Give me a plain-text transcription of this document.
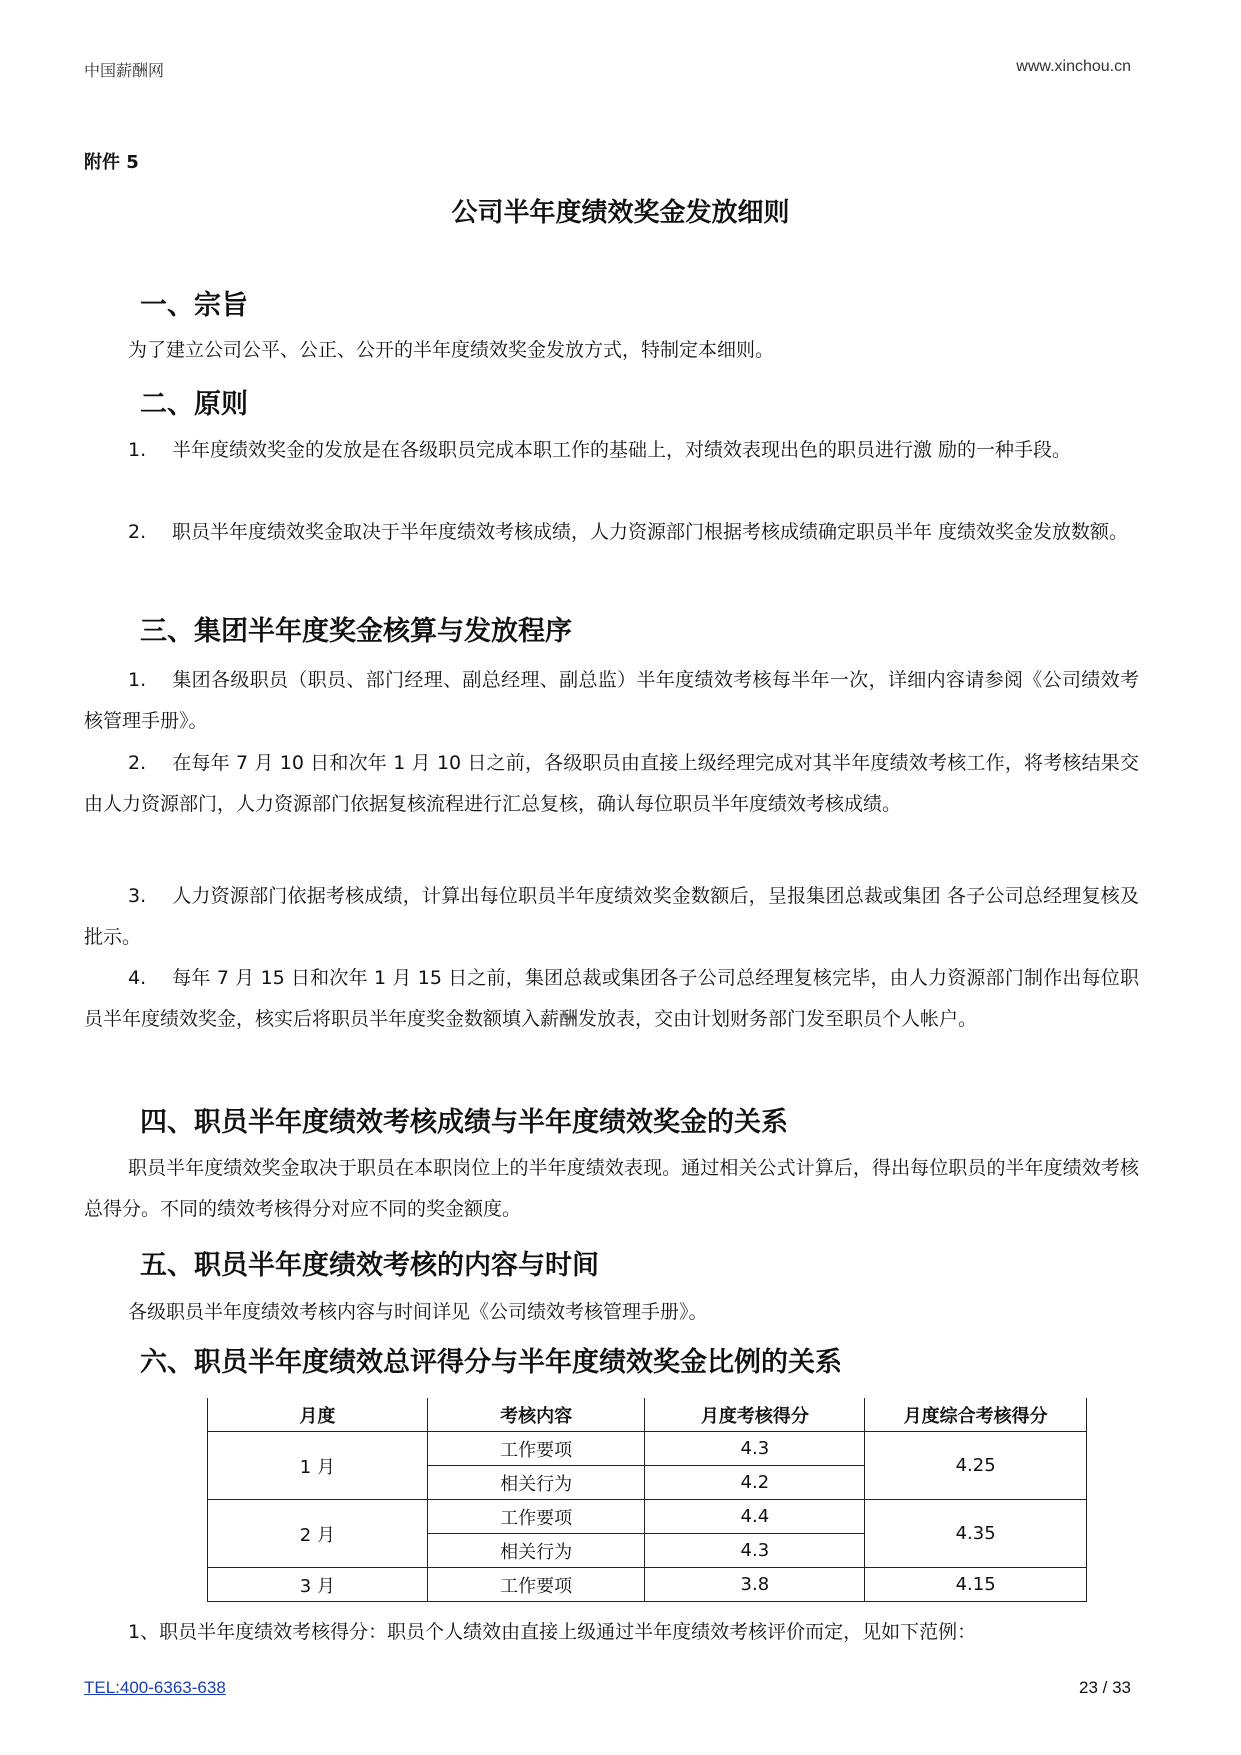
中国薪酬网	www.xinchou.cn
附件 5
公司半年度绩效奖金发放细则
一、宗旨
为了建立公司公平、公正、公开的半年度绩效奖金发放方式，特制定本细则。
二、原则
1. 半年度绩效奖金的发放是在各级职员完成本职工作的基础上，对绩效表现出色的职员进行激 励的一种手段。
2. 职员半年度绩效奖金取决于半年度绩效考核成绩，人力资源部门根据考核成绩确定职员半年 度绩效奖金发放数额。
三、集团半年度奖金核算与发放程序
1. 集团各级职员（职员、部门经理、副总经理、副总监）半年度绩效考核每半年一次，详细内容请参阅《公司绩效考核管理手册》。
2. 在每年 7 月 10 日和次年 1 月 10 日之前，各级职员由直接上级经理完成对其半年度绩效考核工作，将考核结果交由人力资源部门，人力资源部门依据复核流程进行汇总复核，确认每位职员半年度绩效考核成绩。
3. 人力资源部门依据考核成绩，计算出每位职员半年度绩效奖金数额后，呈报集团总裁或集团 各子公司总经理复核及批示。
4. 每年 7 月 15 日和次年 1 月 15 日之前，集团总裁或集团各子公司总经理复核完毕，由人力资源部门制作出每位职员半年度绩效奖金，核实后将职员半年度奖金数额填入薪酬发放表，交由计划财务部门发至职员个人帐户。
四、职员半年度绩效考核成绩与半年度绩效奖金的关系
职员半年度绩效奖金取决于职员在本职岗位上的半年度绩效表现。通过相关公式计算后，得出每位职员的半年度绩效考核总得分。不同的绩效考核得分对应不同的奖金额度。
五、职员半年度绩效考核的内容与时间
各级职员半年度绩效考核内容与时间详见《公司绩效考核管理手册》。
六、职员半年度绩效总评得分与半年度绩效奖金比例的关系
月度	考核内容	月度考核得分	月度综合考核得分
1 月	工作要项	4.3	4.25
	相关行为	4.2	
2 月	工作要项	4.4	4.35
	相关行为	4.3	
3 月	工作要项	3.8	4.15
1、职员半年度绩效考核得分：职员个人绩效由直接上级通过半年度绩效考核评价而定，见如下范例：
TEL:400-6363-638	23 / 33
